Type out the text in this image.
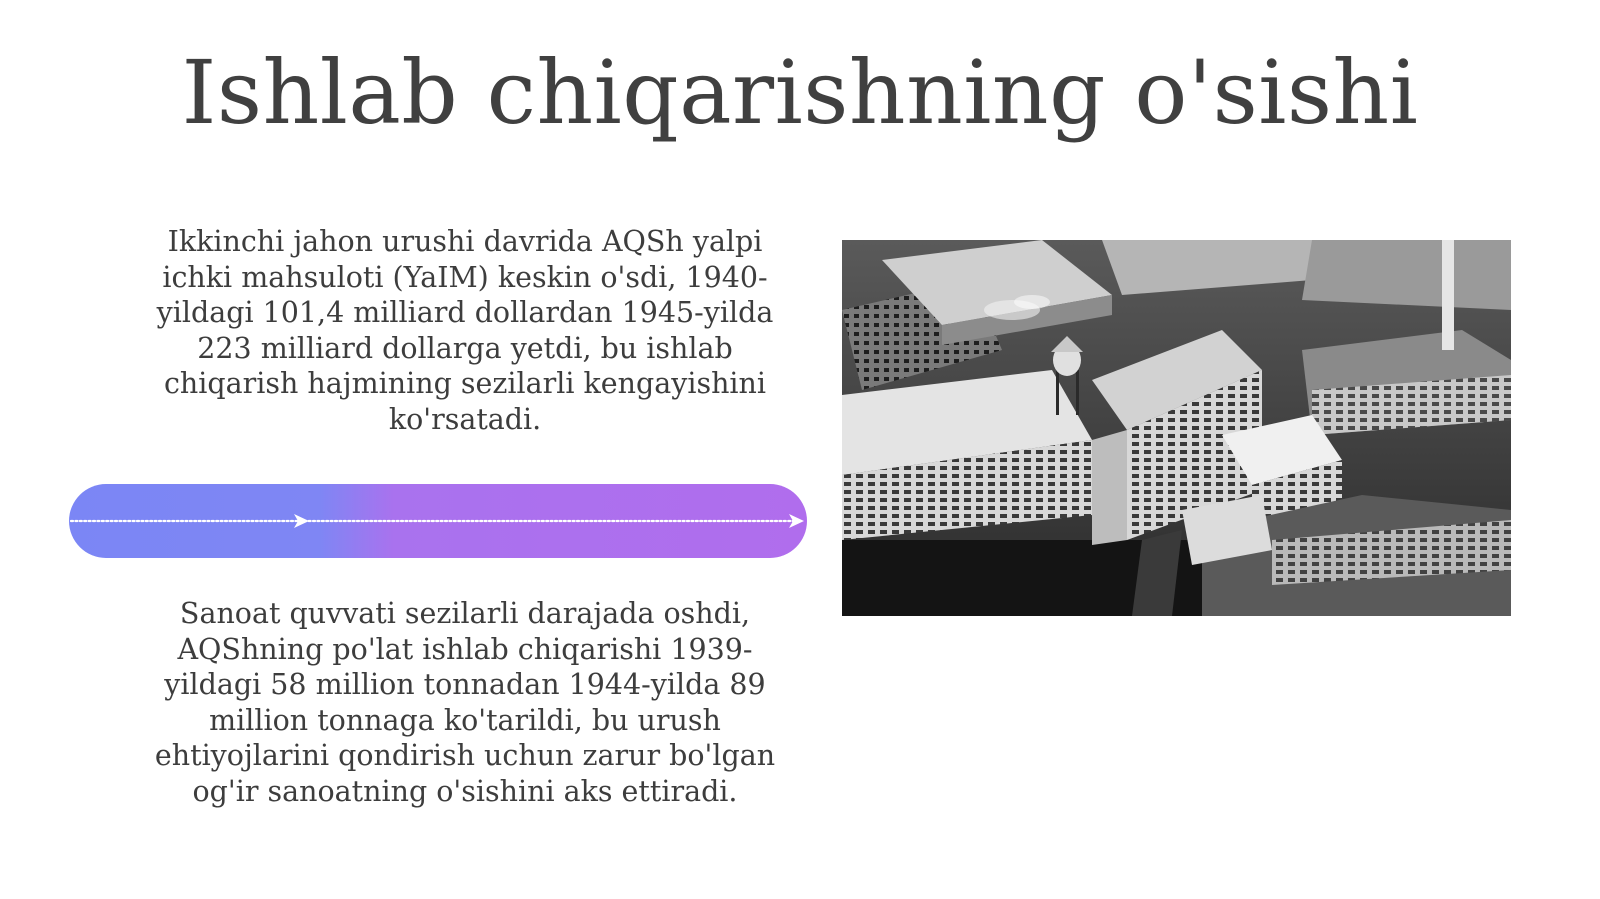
Ishlab chiqarishning o'sishi
Ikkinchi jahon urushi davrida AQSh yalpi ichki mahsuloti (YaIM) keskin o'sdi, 1940-yildagi 101,4 milliard dollardan 1945-yilda 223 milliard dollarga yetdi, bu ishlab chiqarish hajmining sezilarli kengayishini ko'rsatadi.
Sanoat quvvati sezilarli darajada oshdi, AQShning po'lat ishlab chiqarishi 1939-yildagi 58 million tonnadan 1944-yilda 89 million tonnaga ko'tarildi, bu urush ehtiyojlarini qondirish uchun zarur bo'lgan og'ir sanoatning o'sishini aks ettiradi.
